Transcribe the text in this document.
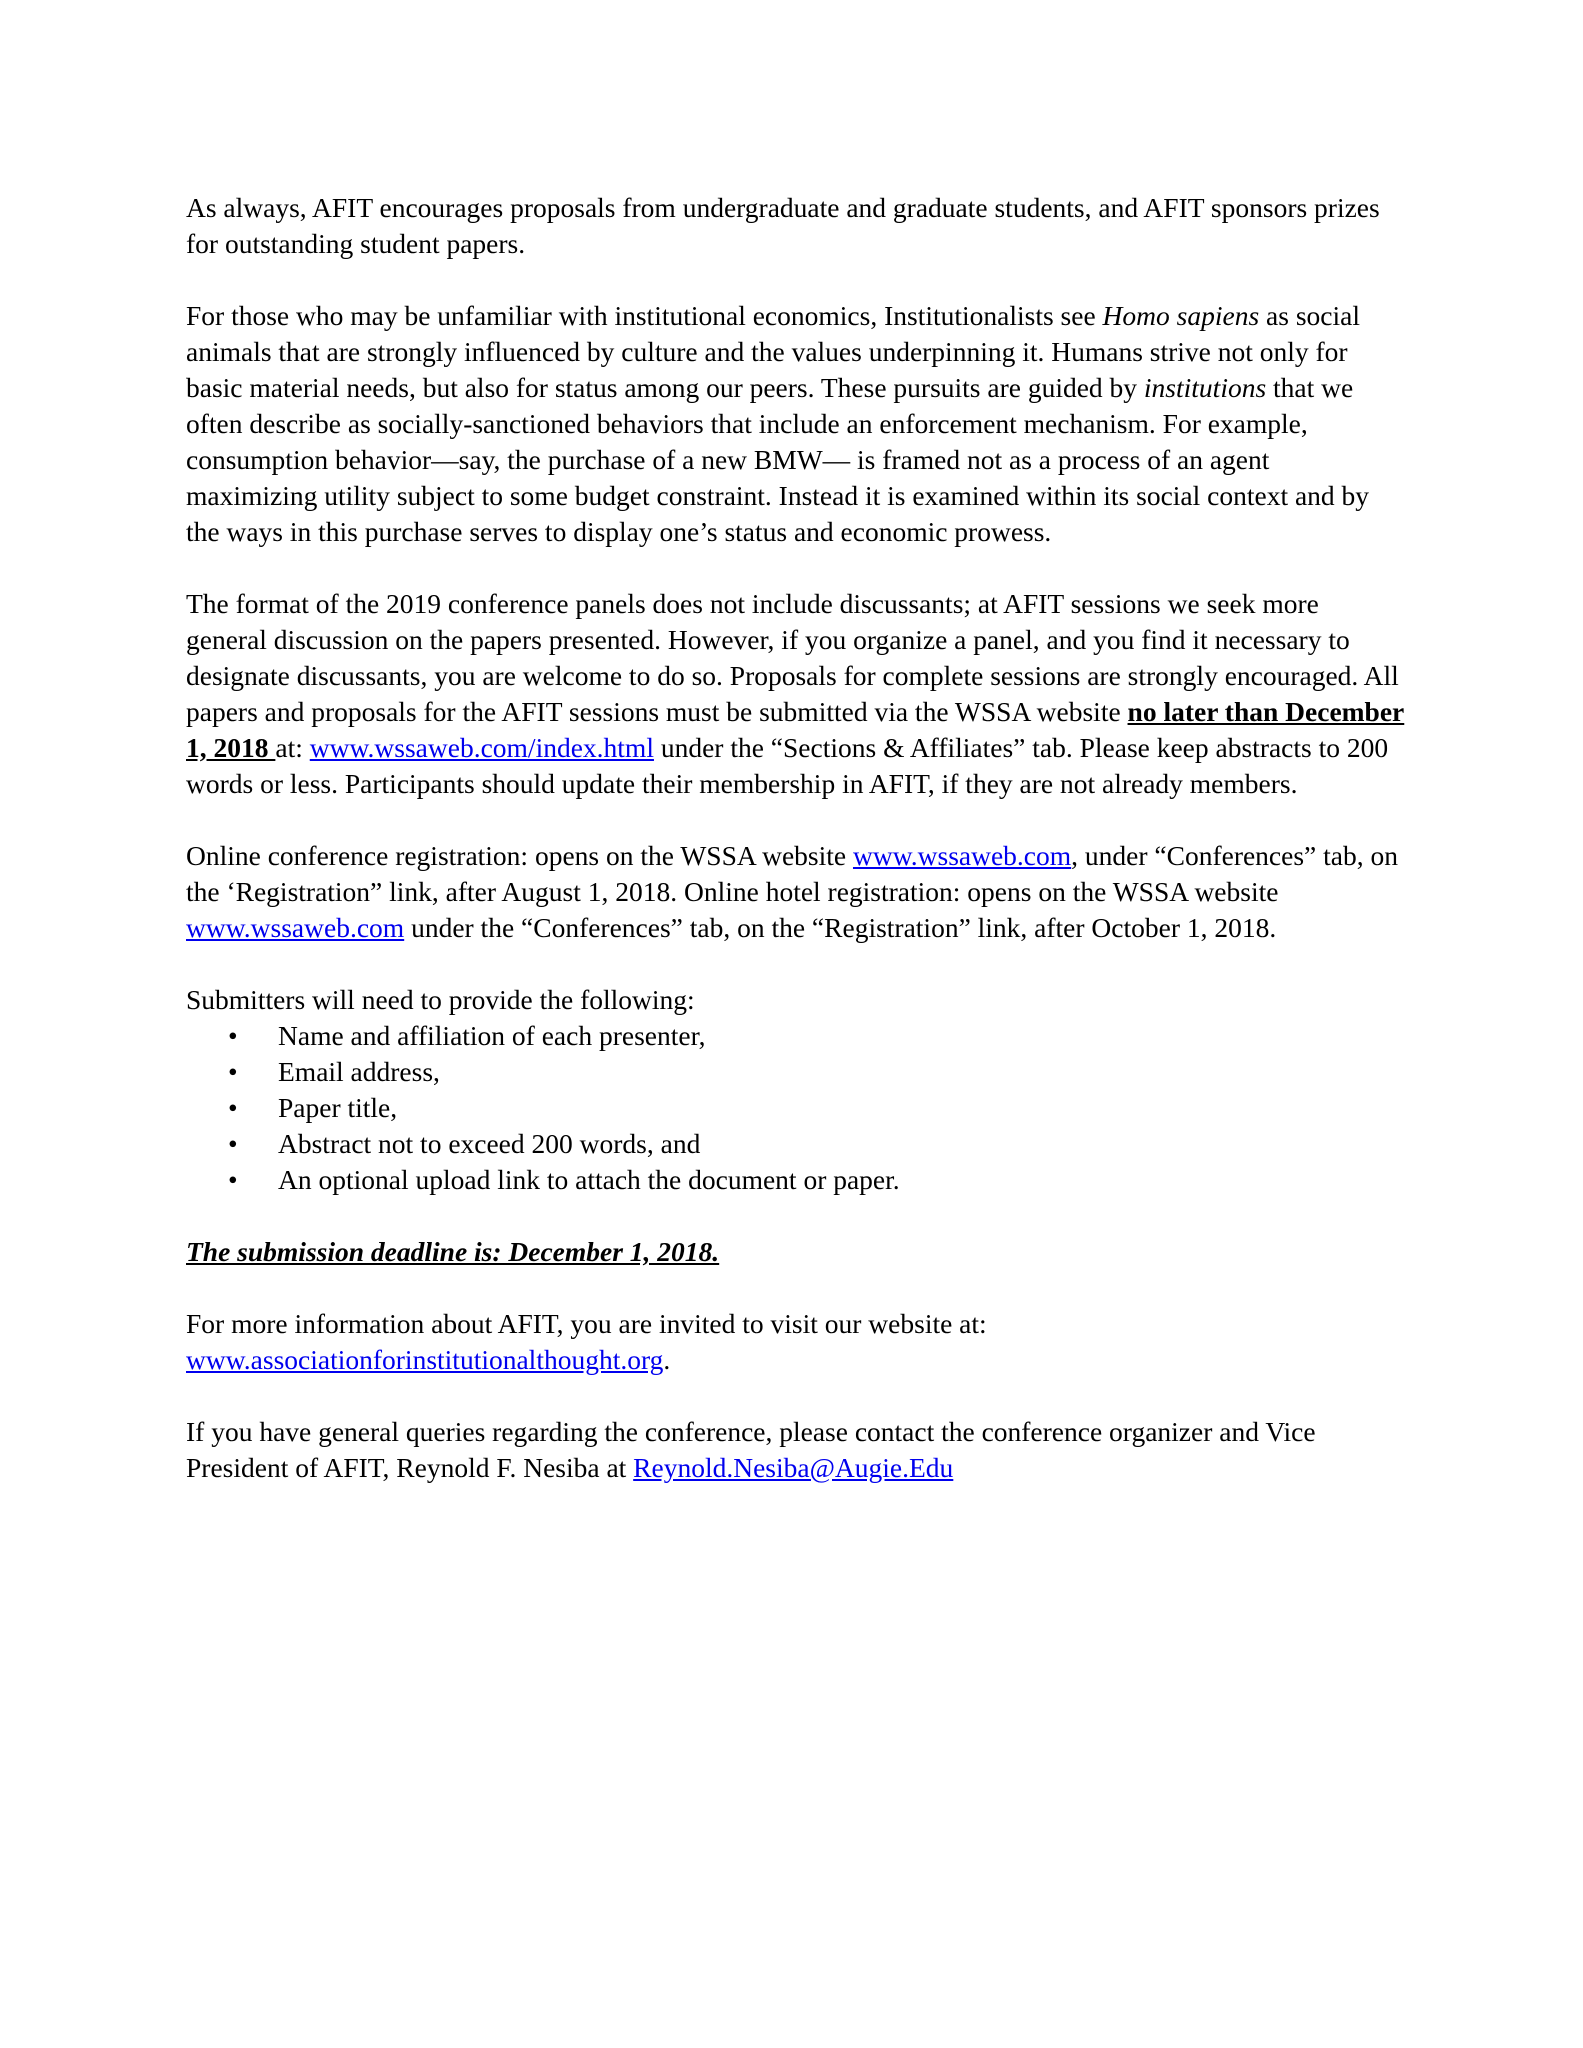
As always, AFIT encourages proposals from undergraduate and graduate students, and AFIT sponsors prizes for outstanding student papers.

For those who may be unfamiliar with institutional economics, Institutionalists see Homo sapiens as social animals that are strongly influenced by culture and the values underpinning it. Humans strive not only for basic material needs, but also for status among our peers. These pursuits are guided by institutions that we often describe as socially-sanctioned behaviors that include an enforcement mechanism. For example, consumption behavior—say, the purchase of a new BMW— is framed not as a process of an agent maximizing utility subject to some budget constraint. Instead it is examined within its social context and by the ways in this purchase serves to display one’s status and economic prowess.

The format of the 2019 conference panels does not include discussants; at AFIT sessions we seek more general discussion on the papers presented. However, if you organize a panel, and you find it necessary to designate discussants, you are welcome to do so. Proposals for complete sessions are strongly encouraged. All papers and proposals for the AFIT sessions must be submitted via the WSSA website no later than December 1, 2018 at: www.wssaweb.com/index.html under the “Sections & Affiliates” tab. Please keep abstracts to 200 words or less. Participants should update their membership in AFIT, if they are not already members.

Online conference registration: opens on the WSSA website www.wssaweb.com, under “Conferences” tab, on the ‘Registration” link, after August 1, 2018. Online hotel registration: opens on the WSSA website www.wssaweb.com under the “Conferences” tab, on the “Registration” link, after October 1, 2018.

Submitters will need to provide the following:

• Name and affiliation of each presenter,
• Email address,
• Paper title,
• Abstract not to exceed 200 words, and
• An optional upload link to attach the document or paper.

The submission deadline is: December 1, 2018.

For more information about AFIT, you are invited to visit our website at:
www.associationforinstitutionalthought.org.

If you have general queries regarding the conference, please contact the conference organizer and Vice President of AFIT, Reynold F. Nesiba at Reynold.Nesiba@Augie.Edu
